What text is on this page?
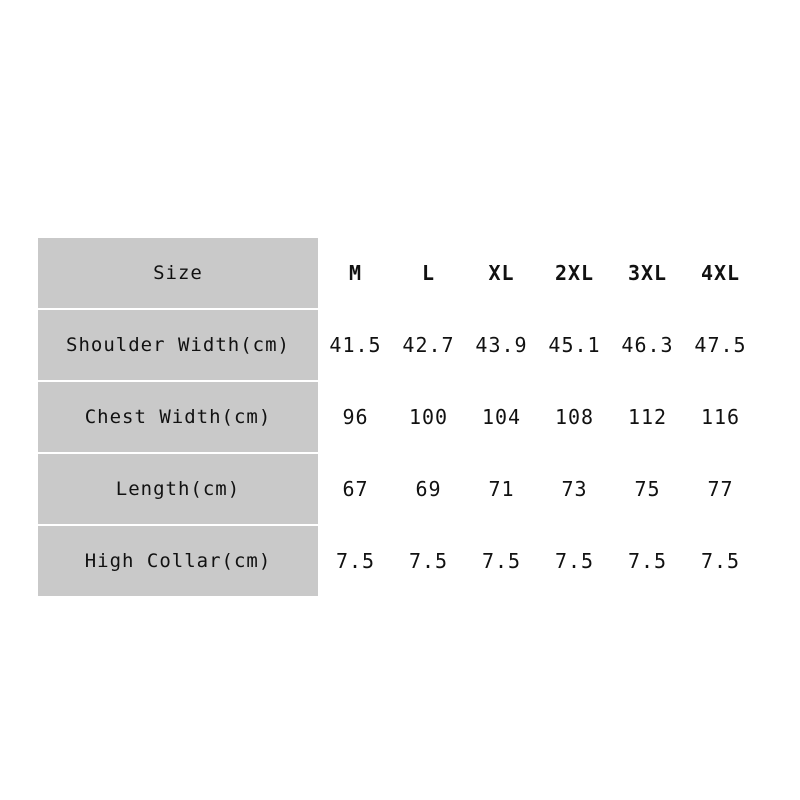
Size	M	L	XL	2XL	3XL	4XL
Shoulder Width(cm)	41.5	42.7	43.9	45.1	46.3	47.5
Chest Width(cm)	96	100	104	108	112	116
Length(cm)	67	69	71	73	75	77
High Collar(cm)	7.5	7.5	7.5	7.5	7.5	7.5
